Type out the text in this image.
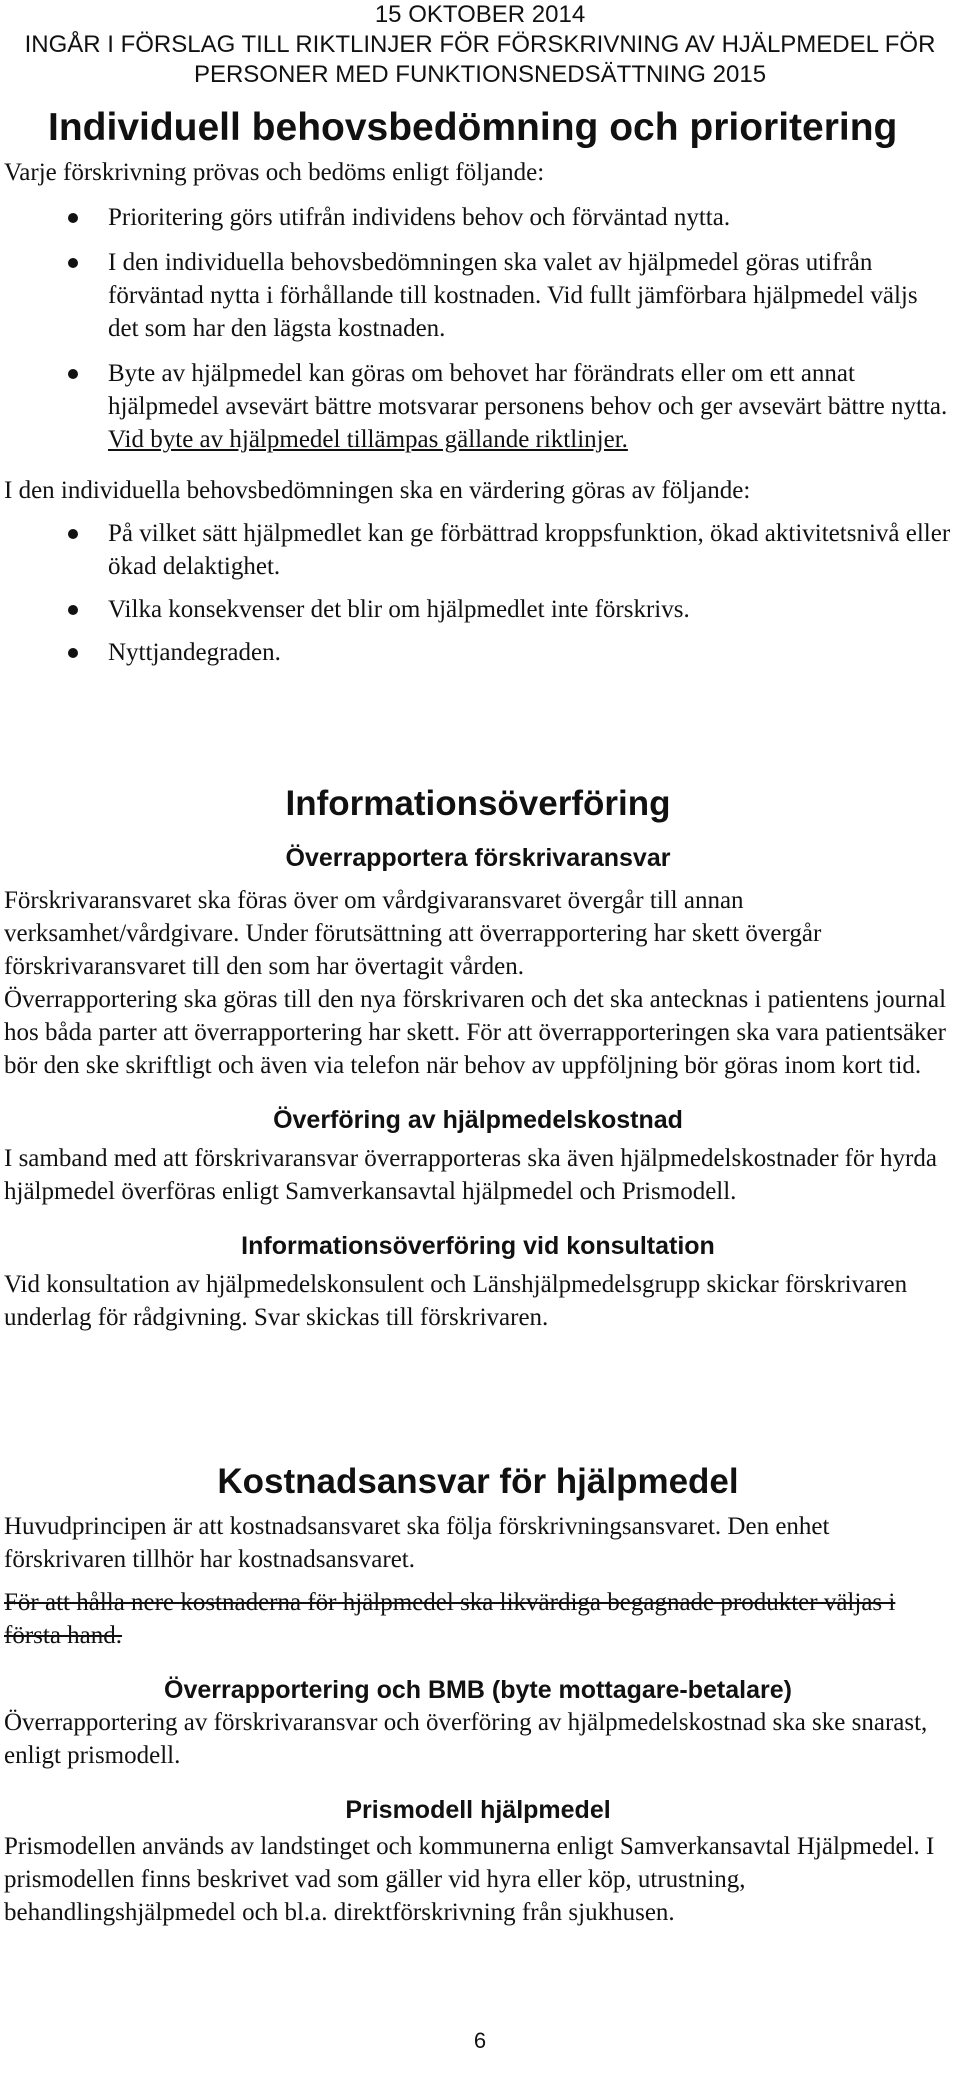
15 OKTOBER 2014
INGÅR I FÖRSLAG TILL RIKTLINJER FÖR FÖRSKRIVNING AV HJÄLPMEDEL FÖR
PERSONER MED FUNKTIONSNEDSÄTTNING 2015
Individuell behovsbedömning och prioritering

Varje förskrivning prövas och bedöms enligt följande:

Prioritering görs utifrån individens behov och förväntad nytta.
I den individuella behovsbedömningen ska valet av hjälpmedel göras utifrån förväntad nytta i förhållande till kostnaden. Vid fullt jämförbara hjälpmedel väljs det som har den lägsta kostnaden.
Byte av hjälpmedel kan göras om behovet har förändrats eller om ett annat hjälpmedel avsevärt bättre motsvarar personens behov och ger avsevärt bättre nytta. Vid byte av hjälpmedel tillämpas gällande riktlinjer.

I den individuella behovsbedömningen ska en värdering göras av följande:

På vilket sätt hjälpmedlet kan ge förbättrad kroppsfunktion, ökad aktivitetsnivå eller ökad delaktighet.
Vilka konsekvenser det blir om hjälpmedlet inte förskrivs.
Nyttjandegraden.
Informationsöverföring
Överrapportera förskrivaransvar

Förskrivaransvaret ska föras över om vårdgivaransvaret övergår till annan verksamhet/vårdgivare. Under förutsättning att överrapportering har skett övergår förskrivaransvaret till den som har övertagit vården.

Överrapportering ska göras till den nya förskrivaren och det ska antecknas i patientens journal hos båda parter att överrapportering har skett. För att överrapporteringen ska vara patientsäker bör den ske skriftligt och även via telefon när behov av uppföljning bör göras inom kort tid.

Överföring av hjälpmedelskostnad

I samband med att förskrivaransvar överrapporteras ska även hjälpmedelskostnader för hyrda hjälpmedel överföras enligt Samverkansavtal hjälpmedel och Prismodell.

Informationsöverföring vid konsultation

Vid konsultation av hjälpmedelskonsulent och Länshjälpmedelsgrupp skickar förskrivaren underlag för rådgivning. Svar skickas till förskrivaren.

Kostnadsansvar för hjälpmedel

Huvudprincipen är att kostnadsansvaret ska följa förskrivningsansvaret. Den enhet förskrivaren tillhör har kostnadsansvaret.

För att hålla nere kostnaderna för hjälpmedel ska likvärdiga begagnade produkter väljas i första hand.

Överrapportering och BMB (byte mottagare-betalare)

Överrapportering av förskrivaransvar och överföring av hjälpmedelskostnad ska ske snarast, enligt prismodell.

Prismodell hjälpmedel

Prismodellen används av landstinget och kommunerna enligt Samverkansavtal Hjälpmedel. I prismodellen finns beskrivet vad som gäller vid hyra eller köp, utrustning, behandlingshjälpmedel och bl.a. direktförskrivning från sjukhusen.

6
